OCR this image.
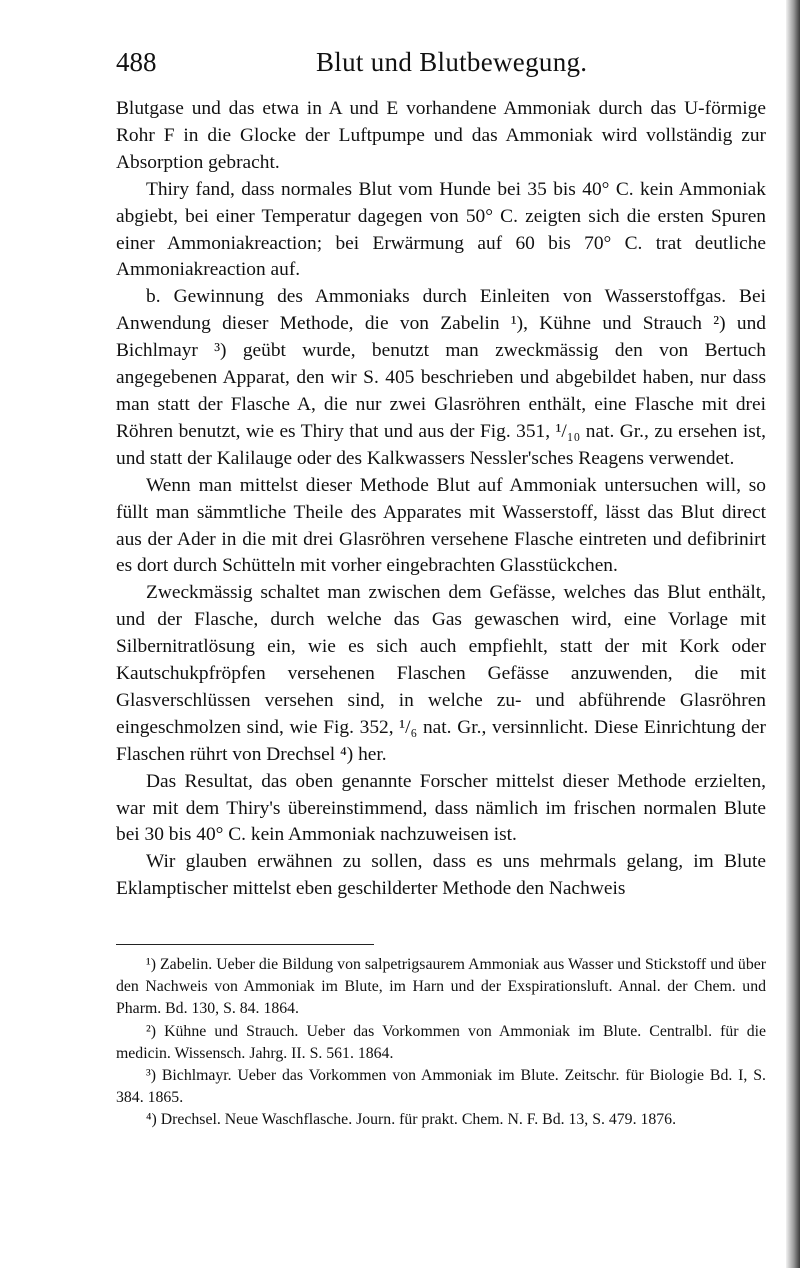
488	Blut und Blutbewegung.

Blutgase und das etwa in A und E vorhandene Ammoniak durch das U-förmige Rohr F in die Glocke der Luftpumpe und das Ammoniak wird vollständig zur Absorption gebracht.

Thiry fand, dass normales Blut vom Hunde bei 35 bis 40° C. kein Ammoniak abgiebt, bei einer Temperatur dagegen von 50° C. zeigten sich die ersten Spuren einer Ammoniakreaction; bei Erwärmung auf 60 bis 70° C. trat deutliche Ammoniakreaction auf.

b. Gewinnung des Ammoniaks durch Einleiten von Wasserstoffgas. Bei Anwendung dieser Methode, die von Zabelin ¹), Kühne und Strauch ²) und Bichlmayr ³) geübt wurde, benutzt man zweckmässig den von Bertuch angegebenen Apparat, den wir S. 405 beschrieben und abgebildet haben, nur dass man statt der Flasche A, die nur zwei Glasröhren enthält, eine Flasche mit drei Röhren benutzt, wie es Thiry that und aus der Fig. 351, ¹/₁₀ nat. Gr., zu ersehen ist, und statt der Kalilauge oder des Kalkwassers Nessler'sches Reagens verwendet.

Wenn man mittelst dieser Methode Blut auf Ammoniak untersuchen will, so füllt man sämmtliche Theile des Apparates mit Wasserstoff, lässt das Blut direct aus der Ader in die mit drei Glasröhren versehene Flasche eintreten und defibrinirt es dort durch Schütteln mit vorher eingebrachten Glasstückchen.

Zweckmässig schaltet man zwischen dem Gefässe, welches das Blut enthält, und der Flasche, durch welche das Gas gewaschen wird, eine Vorlage mit Silbernitratlösung ein, wie es sich auch empfiehlt, statt der mit Kork oder Kautschukpfröpfen versehenen Flaschen Gefässe anzuwenden, die mit Glasverschlüssen versehen sind, in welche zu- und abführende Glasröhren eingeschmolzen sind, wie Fig. 352, ¹/₆ nat. Gr., versinnlicht. Diese Einrichtung der Flaschen rührt von Drechsel ⁴) her.

Das Resultat, das oben genannte Forscher mittelst dieser Methode erzielten, war mit dem Thiry's übereinstimmend, dass nämlich im frischen normalen Blute bei 30 bis 40° C. kein Ammoniak nachzuweisen ist.

Wir glauben erwähnen zu sollen, dass es uns mehrmals gelang, im Blute Eklamptischer mittelst eben geschilderter Methode den Nachweis

¹) Zabelin. Ueber die Bildung von salpetrigsaurem Ammoniak aus Wasser und Stickstoff und über den Nachweis von Ammoniak im Blute, im Harn und der Exspirationsluft. Annal. der Chem. und Pharm. Bd. 130, S. 84. 1864.

²) Kühne und Strauch. Ueber das Vorkommen von Ammoniak im Blute. Centralbl. für die medicin. Wissensch. Jahrg. II. S. 561. 1864.

³) Bichlmayr. Ueber das Vorkommen von Ammoniak im Blute. Zeitschr. für Biologie Bd. I, S. 384. 1865.

⁴) Drechsel. Neue Waschflasche. Journ. für prakt. Chem. N. F. Bd. 13, S. 479. 1876.
